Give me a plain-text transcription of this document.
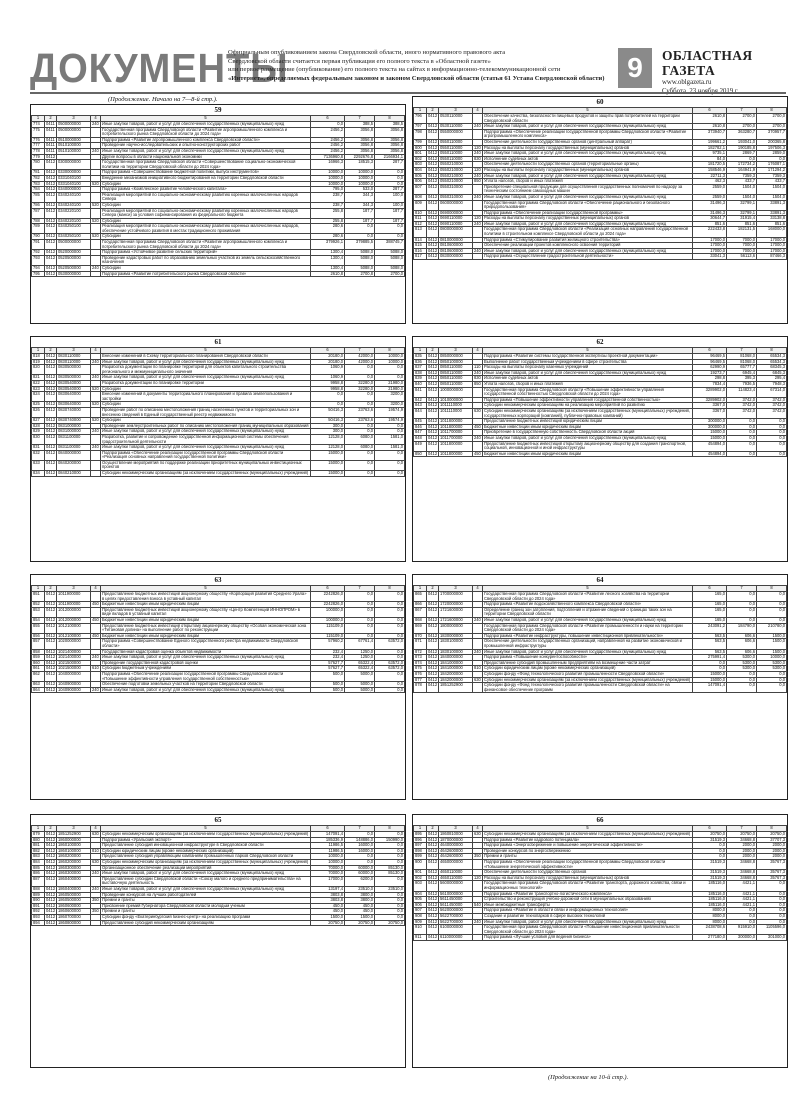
ДОКУМЕНТЫ
Официальным опубликованием закона Свердловской области, иного нормативного правового акта
Свердловской области считается первая публикация его полного текста в «Областной газете»
или первое размещение (опубликование) его полного текста на сайтах в информационно-телекоммуникационной сети
«Интернет», определяемых федеральным законом и законом Свердловской области (статья 61 Устава Свердловской области) 9	ОБЛАСТНАЯ ГАЗЕТА
www.oblgazeta.ru
(Продолжение. Начало на 7—8-й стр.).
59
1	2	3	4	5	6	7	8
774	0411	0500000000	240	Иные закупки товаров, работ и услуг для обеспечения государственных (муниципальных) нужд	0,0	388,5	388,5
775	0411	0500000000		Государственная программа Свердловской области «Развитие агропромышленного комплекса и потребительского рынка Свердловской области до 2024 года»	2456,2	3056,8	3056,8
776	0411	0510000000		Подпрограмма «Развитие агропромышленного комплекса Свердловской области»	2456,2	3056,8	3056,8
777	0411	0510100000		Проведение научно-исследовательских и опытно-конструкторских работ	2456,2	3056,8	3056,8
778	0411	0510100000	240	Иные закупки товаров, работ и услуг для обеспечения государственных (муниципальных) нужд	2456,2	3056,8	3056,8
779	0412			Другие вопросы в области национальной экономики	7136960,8	2292676,8	2166934,1
780	0412	0300000000		Государственная программа Свердловской области «Совершенствование социально-экономической политики на территории Свердловской области до 2024 года»	16966,3	18515,3	287,7
781	0412	0330000000		Подпрограмма «Совершенствование бюджетной политики, выпуск инструментов»	10000,0	10000,0	0,0
782	0412	0331040100		Внедрение механизмов инициативного бюджетирования на территории Свердловской области	10000,0	10000,0	0,0
783	0412	0331040100	520	Субсидии	10000,0	10000,0	0,0
784	0412	0340000000		Подпрограмма «Комплексное развитие человеческого капитала»	795,0	533,0	287,7
785	0412	0340240100		Реализация мероприятий по социально-экономическому развитию коренных малочисленных народов Севера	238,7	344,3	100,0
786	0412	0340240100	520	Субсидии	238,7	344,3	100,0
787	0412	0340220100		Реализация мероприятий по социально-экономическому развитию коренных малочисленных народов Севера (манси) за условия софинансирования из федерального бюджета	255,8	187,7	187,7
788	0412	0340220100	520	Субсидии	255,8	187,7	187,7
789	0412	0340250100		Реализация мероприятий по социально-экономическому развитию коренных малочисленных народов, обеспечение устойчивого развития в местах традиционного проживания	280,6	0,0	0,0
790	0412	0340250100	520	Субсидии	280,6	0,0	0,0
791	0412	0500000000		Государственная программа Свердловской области «Развитие агропромышленного комплекса и потребительского рынка Свердловской области до 2024 года»	379926,1	379885,5	388745,7
792	0412	0520000000		Подпрограмма «Устойчивое развитие сельских территорий»	1300,4	5088,0	5088,0
793	0412	0520500000		Проведение кадастровых работ по образованию земельных участков из земель сельскохозяйственного назначения	1300,4	5088,0	5088,0
794	0412	0520500000	240	Субсидии	1300,4	5088,0	5088,0
795	0412	0530000000		Подпрограмма «Развитие потребительского рынка Свердловской области»	2610,8	2700,8	2700,0
60
1	2	3	4	5	6	7	8
796	0412	0530110000		Обеспечение качества, безопасности пищевых продуктов и защиты прав потребителей на территории Свердловской области	2610,8	2700,0	2700,0
797	0412	0530110000	240	Иные закупки товаров, работ и услуг для обеспечения государственных (муниципальных) нужд	2610,8	2700,0	2700,0
798	0412	0550000000		Подпрограмма «Обеспечение реализации государственной программы Свердловской области «Развитие агропромышленного комплекса»	373940,7	363280,7	370957,7
799	0412	0550110000		Обеспечение деятельности государственных органов (центральный аппарат)	199661,2	193041,0	200365,8
800	0412	0550110000	120	Расходы на выплаты персоналу государственных (муниципальных) органов	182782,1	190185,8	197506,3
801	0412	0550110000	240	Иные закупки товаров, работ и услуг для обеспечения государственных (муниципальных) нужд	9735,1	2869,7	2859,0
802	0412	0550110000	830	Исполнение судебных актов	84,0	0,0	0,0
803	0412	0550210000		Обеспечение деятельности государственных органов (территориальные органы)	181720,5	172734,2	176087,1
804	0412	0550210000	120	Расходы на выплаты персоналу государственных (муниципальных) органов	158546,9	164941,9	171294,2
805	0412	0550210000	240	Иные закупки товаров, работ и услуг для обеспечения государственных (муниципальных) нужд	22711,3	7359,3	7359,3
806	0412	0550210000	850	Уплата налогов, сборов и иных платежей	462,3	433,7	433,7
807	0412	0550310000		Приобретение специальной продукции для осуществления государственных полномочий по надзору за техническим состоянием самоходных машин	2559,0	1504,0	1504,0
808	0412	0550310000	240	Иные закупки товаров, работ и услуг для обеспечения государственных (муниципальных) нужд	2559,0	1504,0	1504,0
809	0412	0600000000		Государственная программа Свердловской области «Обеспечение рационального и безопасного природопользования»	31496,3	32799,1	33891,3
810	0412	0690000000		Подпрограмма «Обеспечение реализации государственной программы»	31496,3	32799,1	33891,3
811	0412	0690110000	120	Расходы на выплаты персоналу государственных (муниципальных) органов	30644,7	31915,4	33138,8
812	0412	0690110000	240	Иные закупки товаров, работ и услуг для обеспечения государственных (муниципальных) нужд	851,6	851,6	851,6
813	0412	0800000000		Государственная программа Свердловской области «Реализация основных направлений государственной политики в строительном комплексе Свердловской области до 2024 года»	222433,8	182131,5	168000,0
814	0412	0810000000		Подпрограмма «Стимулирование развития жилищного строительства»	17000,0	7000,0	17000,0
815	0412	0810600000		Обеспечение реализации проектов комплексного освоения территорий	17000,0	7000,0	17000,0
816	0412	0810600000	240	Иные закупки товаров, работ и услуг для обеспечения государственных (муниципальных) нужд	17000,0	7000,0	17000,0
817	0412	0830000000		Подпрограмма «Осуществление градостроительной деятельности»	33041,3	56113,6	87466,3
61
1	2	3	4	5	6	7	8
818	0412	0830110000		Внесение изменений в Схему территориального планирования Свердловской области	20180,0	42000,0	10000,0
819	0412	0830110000	240	Иные закупки товаров, работ и услуг для обеспечения государственных (муниципальных) нужд	20180,0	42000,0	10000,0
820	0412	0830500000		Разработка документации по планировке территорий для объектов капитального строительства регионального и межмуниципального значения	1060,9	0,0	0,0
821	0412	0830500000	240	Иные закупки товаров, работ и услуг для обеспечения государственных (муниципальных) нужд	1060,9	0,0	0,0
822	0412	0830540000		Разработка документации по планировке территории	9958,8	32280,0	21980,0
823	0412	0830540000	520	Субсидии	9958,8	32280,0	21980,0
824	0412	0830640000		Внесение изменений в документы территориального планирования и правила землепользования и застройки	0,0	0,0	3200,0
825	0412	0830640000	520	Субсидии	0,0	0,0	3200,0
826	0412	0830740000		Проведение работ по описанию местоположения границ населенных пунктов и территориальных зон и внесению сведений в Единый государственный реестр недвижимости	50416,3	23763,6	19574,9
827	0412	0830740000	520	Субсидии	50416,3	23763,6	19574,9
828	0412	0831000000		Проведение землеустроительных работ по описанию местоположения границ муниципальных образований	300,0	0,0	0,0
829	0412	0831000000	240	Иные закупки товаров, работ и услуг для обеспечения государственных (муниципальных) нужд	300,0	0,0	0,0
830	0412	0831100000		Разработка, развитие и сопровождение государственной информационной системы обеспечения градостроительной деятельности	12128,0	6080,0	1581,0
831	0412	0831100000	240	Иные закупки товаров, работ и услуг для обеспечения государственных (муниципальных) нужд	12128,0	6080,0	1581,0
832	0412	0840000000		Подпрограмма «Обеспечение реализации государственной программы Свердловской области «Реализация основных направлений государственной политики»	15000,0	0,0	0,0
833	0412	0840200000		Осуществление мероприятий по поддержке реализации приоритетных муниципальных инвестиционных проектов	15000,0	0,0	0,0
834	0412	0840210000		Субсидии некоммерческим организациям (за исключением государственных (муниципальных) учреждений)	15000,0	0,0	0,0
62
1	2	3	4	5	6	7	8
835	0412	0850000000		Подпрограмма «Развитие системы государственной экспертизы проектной документации»	96469,5	81068,0	65534,3
836	0412	0850100000		Выполнение работ государственным учреждением в сфере строительства	96469,5	81068,0	65534,3
837	0412	0850110000	110	Расходы на выплаты персоналу казенных учреждений	62990,9	65777,7	68345,3
838	0412	0850110000	240	Иные закупки товаров, работ и услуг для обеспечения государственных (муниципальных) нужд	19273,7	6945,4	6845,3
839	0412	0850110000	830	Исполнение судебных актов	298,8	395,3	295,4
840	0412	0850110000	850	Уплата налогов, сборов и иных платежей	7834,4	7936,5	7948,3
841	0412	1000000000		Государственная программа Свердловской области «Повышение эффективности управления государственной собственностью Свердловской области до 2024 года»	3289902,0	114823,4	67314,0
842	0412	1010000000		Подпрограмма «Повышение эффективности управления государственной собственностью»	3289902,0	3742,0	3742,0
843	0412	1011110000		Субсидии некоммерческим организациям на реализацию мероприятий по развитию	3367,0	3742,0	3742,0
844	0412	1011110000	630	Субсидии некоммерческим организациям (за исключением государственных (муниципальных) учреждений, государственных корпораций (компаний), публично-правовых компаний)	3367,0	3742,0	3742,0
845	0412	1011800000		Предоставление бюджетных инвестиций юридическим лицам	300000,0	0,0	0,0
846	0412	1011800000	450	Бюджетные инвестиции иным юридическим лицам	300000,0	0,0	0,0
847	0412	1011700000		Приобретение в государственную собственность Свердловской области акций	15000,0	0,0	0,0
848	0412	1011700000	240	Иные закупки товаров, работ и услуг для обеспечения государственных (муниципальных) нужд	15000,0	0,0	0,0
849	0412	1011800000		Предоставление бюджетных инвестиций открытому акционерному обществу для создания транспортной, социальной, инновационной и иной инфраструктуры	454894,0	0,0	0,0
850	0412	1011800000	450	Бюджетные инвестиции иным юридическим лицам	454894,0	0,0	0,0
63
1	2	3	4	5	6	7	8
851	0412	1011900000		Предоставление бюджетных инвестиций акционерному обществу «Корпорация развития Среднего Урала» в целях предоставления взноса в уставный капитал	2242826,0	0,0	0,0
852	0412	1011900000	450	Бюджетные инвестиции иным юридическим лицам	2242826,0	0,0	0,0
853	0412	1012000000		Предоставление бюджетных инвестиций акционерному обществу «Центр Компетенций ИННОПРОМ» в виде вкладов в уставный капитал	100000,0	0,0	0,0
854	0412	1012000000	450	Бюджетные инвестиции иным юридическим лицам	100000,0	0,0	0,0
855	0412	1012100000		Предоставление бюджетных инвестиций открытому акционерному обществу «Особая экономическая зона «Титановая долина» на выполнение работ по реконструкции	115109,0	0,0	0,0
856	0412	1012100000	450	Бюджетные инвестиции иным юридическим лицам	115109,0	0,0	0,0
857	0412	1020000000		Подпрограмма «Совершенствование Единого государственного реестра недвижимости Свердловской области»	57960,2	67761,4	63572,0
858	0412	1021400000		Государственная кадастровая оценка объектов недвижимости	232,4	1250,0	0,0
859	0412	1021400000	240	Иные закупки товаров, работ и услуг для обеспечения государственных (муниципальных) нужд	232,4	1250,0	0,0
860	0412	1021500000		Проведение государственной кадастровой оценки	57627,7	65322,4	63572,0
861	0412	1021500000	610	Субсидии бюджетным учреждениям	57627,7	65322,4	63572,0
862	0412	1040000000		Подпрограмма «Обеспечение реализации государственной программы Свердловской области «Повышение эффективности управления государственной собственностью»	500,0	5000,0	0,0
863	0412	1040900000		Обеспечение подготовки земельных участков на территории Свердловской области	500,0	5000,0	0,0
864	0412	1040900000	240	Иные закупки товаров, работ и услуг для обеспечения государственных (муниципальных) нужд	500,0	5000,0	0,0
64
1	2	3	4	5	6	7	8
865	0412	1700000000		Государственная программа Свердловской области «Развитие лесного хозяйства на территории Свердловской области до 2024 года»	165,0	0,0	0,0
866	0412	1720000000		Подпрограмма «Развитие водохозяйственного комплекса Свердловской области»	165,0	0,0	0,0
867	0412	1721600000		Определение границ зон затопления, подтопления и отражение сведений о границах таких зон на территории Свердловской области	165,0	0,0	0,0
868	0412	1721600000	240	Иные закупки товаров, работ и услуг для обеспечения государственных (муниципальных) нужд	165,0	0,0	0,0
869	0412	1800000000		Государственная программа Свердловской области «Развитие промышленности и науки на территории Свердловской области до 2024 года»	243091,2	184790,0	210780,0
870	0412	1830000000		Подпрограмма «Развитие инфраструктуры, повышение инвестиционной привлекательности»	563,5	606,6	1500,0
871	0412	1830100000		Обеспечение деятельности государственных организаций, направленной на развитие экономической и промышленной инфраструктуры	563,5	606,6	1500,0
872	0412	1830100000	240	Иные закупки товаров, работ и услуг для обеспечения государственных (муниципальных) нужд	563,5	606,6	1500,0
873	0412	1840000000		Подпрограмма «Повышение конкурентоспособности»	275991,4	5300,0	10000,0
874	0412	1841000000		Предоставление субсидий промышленным предприятиям на возмещение части затрат	0,0	5300,0	5300,0
875	0412	1841000000	810	Субсидии юридическим лицам (кроме некоммерческих организаций)	0,0	5300,0	5300,0
876	0412	1842000000		Субсидии фонду «Фонд технологического развития промышленности Свердловской области»	15000,0	0,0	0,0
877	0412	1842000000	630	Субсидии некоммерческим организациям (за исключением государственных (муниципальных) учреждений)	15000,0	0,0	0,0
878	0412	1851252900		Субсидии фонду «Фонд технологического развития промышленности Свердловской области» на финансовое обеспечение программ	147091,4	0,0	0,0
65
1	2	3	4	5	6	7	8
879	0412	1851252900	630	Субсидии некоммерческим организациям (за исключением государственных (муниципальных) учреждений)	147091,4	0,0	0,0
880	0412	1860000000		Подпрограмма «Уральский экспорт»	185336,9	148886,0	150990,0
881	0412	1860100000		Предоставление субсидий инновационной инфраструктуре в Свердловской области	11986,5	16000,0	0,0
882	0412	1860100000	810	Субсидии юридическим лицам (кроме некоммерческих организаций)	11986,5	16000,0	0,0
883	0412	1860200000		Предоставление субсидий управляющим компаниям промышленных парков Свердловской области	10000,0	0,0	0,0
884	0412	1860200000	630	Субсидии некоммерческим организациям (за исключением государственных (муниципальных) учреждений)	10000,0	0,0	0,0
885	0412	1860300000		Организационное обеспечение реализации мероприятий	70000,0	60000,0	85130,0
886	0412	1860300000	240	Иные закупки товаров, работ и услуг для обеспечения государственных (муниципальных) нужд	70000,0	60000,0	85130,0
887	0412	1860400000		Предоставление субсидии Свердловской области «Союзу малого и среднего предпринимательства» на выставочную деятельность	17000,0	6200,0	0,0
888	0412	1860400000	240	Иные закупки товаров, работ и услуг для обеспечения государственных (муниципальных) нужд	13197,4	23510,0	23510,0
889	0412	1860500000		Проведение конкурсов на лучших работодателей	3803,8	3800,0	0,0
890	0412	1860500000	350	Премии и гранты	3803,8	3800,0	0,0
891	0412	1860600000		Присвоение премий Губернатора Свердловской области молодым ученым	450,0	450,0	0,0
892	0412	1860600000	350	Премии и гранты	450,0	450,0	0,0
893	0412	1860700000		Субсидии фонду «Екатеринбургский бизнес-центр» на реализацию программ	1500,0	1500,0	0,0
894	0412	1860800000		Предоставление субсидий некоммерческим организациям	20750,0	20750,0	20750,0
66
1	2	3	4	5	6	7	8
895	0412	1860810000	630	Субсидии некоммерческим организациям (за исключением государственных (муниципальных) учреждений)	20750,0	20750,0	20750,0
896	0412	1870000000		Подпрограмма «Развитие кадрового потенциала»	31519,3	34668,8	37707,3
897	0412	4640000000		Подпрограмма «Энергосбережение и повышение энергетической эффективности»	0,0	2000,0	2000,0
898	0412	4642600000		Проведение конкурсов по энергосбережению	0,0	2000,0	2000,0
899	0412	4642600000	350	Премии и гранты	0,0	2000,0	2000,0
900	0412	4650000000		Подпрограмма «Обеспечение реализации государственной программы Свердловской области «Повышение энергетической эффективности»	31519,3	34668,8	35767,3
901	0412	4650110000		Обеспечение деятельности государственных органов	31519,3	34668,8	35767,3
902	0412	4650110000	120	Расходы на выплаты персоналу государственных (муниципальных) органов	31519,3	34668,8	35767,3
903	0412	5600000000		Государственная программа Свердловской области «Развитие транспорта, дорожного хозяйства, связи и информационных технологий»	185116,0	4421,1	0,0
904	0412	5610000000		Подпрограмма «Развитие транспортно-логистического комплекса»	185116,0	4421,1	0,0
905	0412	5611450000		Строительство и реконструкция учебно-дорожной сети в муниципальных образованиях	185116,0	4421,1	0,0
906	0412	5611450000	540	Иные межбюджетные трансферты	185116,0	4421,1	0,0
907	0412	5620000000		Подпрограмма «Развитие в области связи и информационных технологий»	8000,0	0,0	0,0
908	0412	5622700000		Создание и развитие технопарков в сфере высоких технологий	8000,0	0,0	0,0
909	0412	5622700000	240	Иные закупки товаров, работ и услуг для обеспечения государственных (муниципальных) нужд	8000,0	0,0	0,0
910	0412	6100000000		Государственная программа Свердловской области «Повышение инвестиционной привлекательности Свердловской области до 2024 года»	2438708,6	915910,0	1105596,0
911	0412	6110000000		Подпрограмма «Лучшие условия для ведения бизнеса»	277180,0	300000,0	301000,0
(Продолжение на 10-й стр.).
